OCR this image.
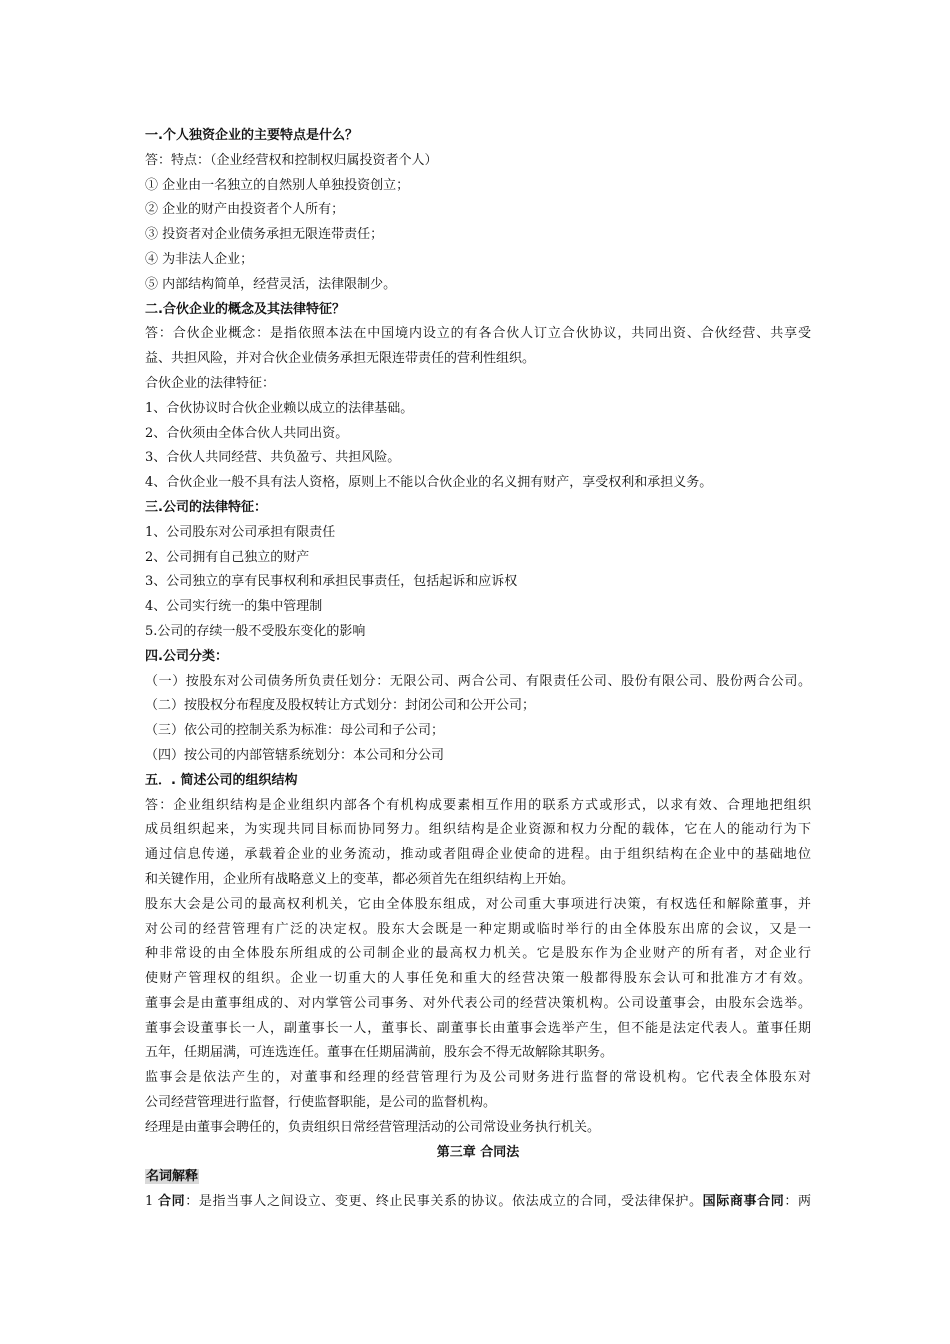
一.个人独资企业的主要特点是什么？
答：特点：（企业经营权和控制权归属投资者个人）
① 企业由一名独立的自然别人单独投资创立；
② 企业的财产由投资者个人所有；
③ 投资者对企业债务承担无限连带责任；
④ 为非法人企业；
⑤ 内部结构简单，经营灵活，法律限制少。
二.合伙企业的概念及其法律特征？
答：合伙企业概念：是指依照本法在中国境内设立的有各合伙人订立合伙协议，共同出资、合伙经营、共享受
益、共担风险，并对合伙企业债务承担无限连带责任的营利性组织。
合伙企业的法律特征：
1、合伙协议时合伙企业赖以成立的法律基础。
2、合伙须由全体合伙人共同出资。
3、合伙人共同经营、共负盈亏、共担风险。
4、合伙企业一般不具有法人资格，原则上不能以合伙企业的名义拥有财产，享受权利和承担义务。
三.公司的法律特征：
1、公司股东对公司承担有限责任
2、公司拥有自己独立的财产
3、公司独立的享有民事权利和承担民事责任，包括起诉和应诉权
4、公司实行统一的集中管理制
5.公司的存续一般不受股东变化的影响
四.公司分类：
（一）按股东对公司债务所负责任划分：无限公司、两合公司、有限责任公司、股份有限公司、股份两合公司。
（二）按股权分布程度及股权转让方式划分：封闭公司和公开公司；
（三）依公司的控制关系为标准：母公司和子公司；
（四）按公司的内部管辖系统划分：本公司和分公司
五．. 简述公司的组织结构
答：企业组织结构是企业组织内部各个有机构成要素相互作用的联系方式或形式，以求有效、合理地把组织
成员组织起来，为实现共同目标而协同努力。组织结构是企业资源和权力分配的载体，它在人的能动行为下
通过信息传递，承载着企业的业务流动，推动或者阻碍企业使命的进程。由于组织结构在企业中的基础地位
和关键作用，企业所有战略意义上的变革，都必须首先在组织结构上开始。
股东大会是公司的最高权利机关，它由全体股东组成，对公司重大事项进行决策，有权选任和解除董事，并
对公司的经营管理有广泛的决定权。股东大会既是一种定期或临时举行的由全体股东出席的会议，又是一
种非常设的由全体股东所组成的公司制企业的最高权力机关。它是股东作为企业财产的所有者，对企业行
使财产管理权的组织。企业一切重大的人事任免和重大的经营决策一般都得股东会认可和批准方才有效。
董事会是由董事组成的、对内掌管公司事务、对外代表公司的经营决策机构。公司设董事会，由股东会选举。
董事会设董事长一人，副董事长一人，董事长、副董事长由董事会选举产生，但不能是法定代表人。董事任期
五年，任期届满，可连选连任。董事在任期届满前，股东会不得无故解除其职务。
监事会是依法产生的，对董事和经理的经营管理行为及公司财务进行监督的常设机构。它代表全体股东对
公司经营管理进行监督，行使监督职能，是公司的监督机构。
经理是由董事会聘任的，负责组织日常经营管理活动的公司常设业务执行机关。
第三章 合同法
名词解释
1 合同：是指当事人之间设立、变更、终止民事关系的协议。依法成立的合同，受法律保护。国际商事合同：两
